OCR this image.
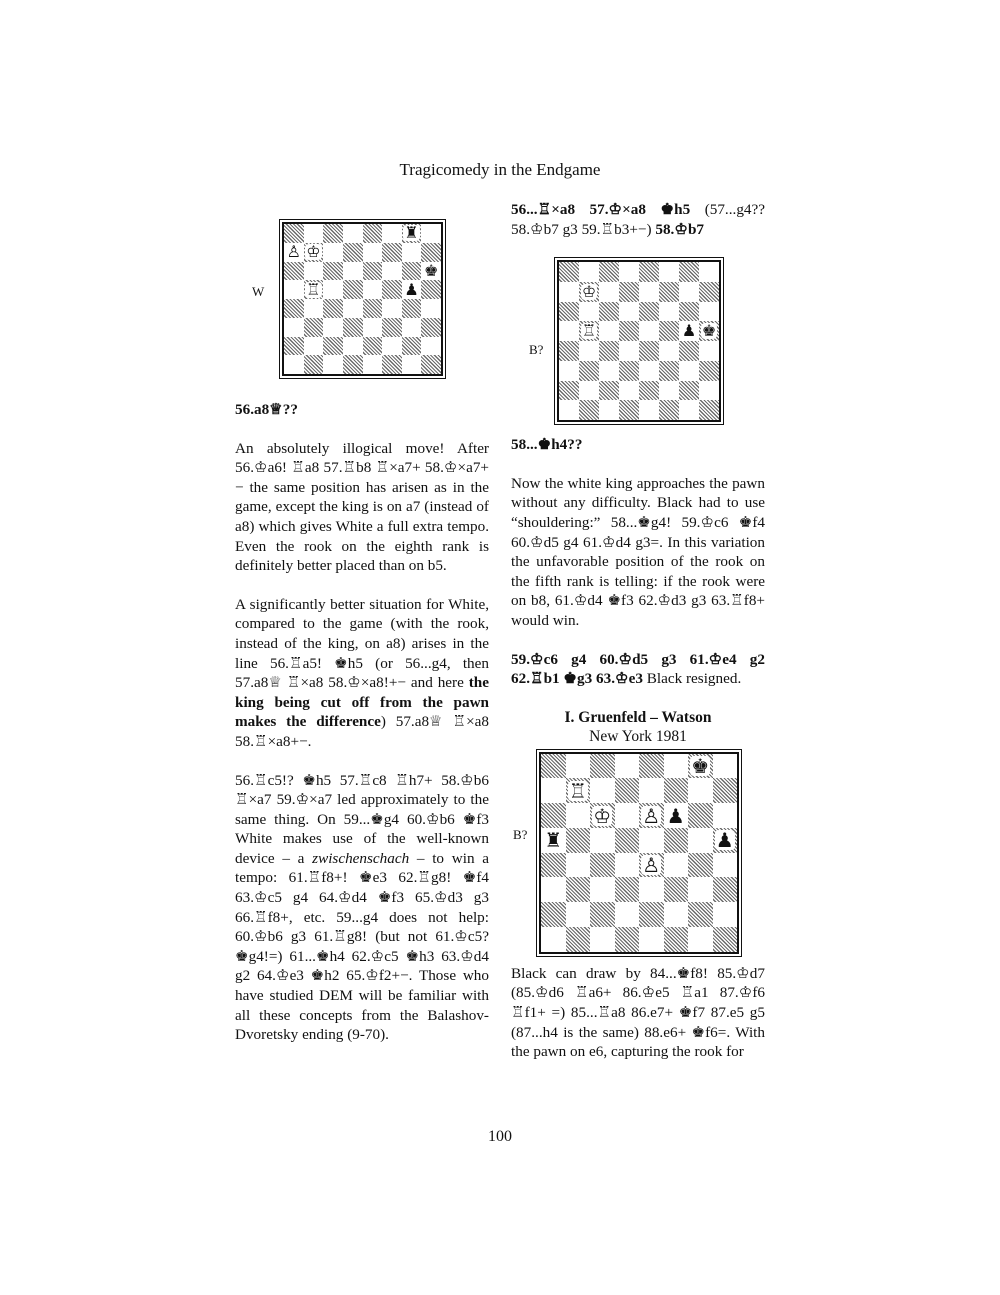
Tragicomedy in the Endgame
W
♜
♙ ♔
♚
♖	♟

56.a8♕??

An absolutely illogical move! After 56.♔a6! ♖a8 57.♖b8 ♖×a7+ 58.♔×a7+− the same position has arisen as in the game, except the king is on a7 (instead of a8) which gives White a full extra tempo. Even the rook on the eighth rank is definitely better placed than on b5.

A significantly better situation for White, compared to the game (with the rook, instead of the king, on a8) arises in the line 56.♖a5! ♚h5 (or 56...g4, then 57.a8♕ ♖×a8 58.♔×a8!+− and here the king being cut off from the pawn makes the difference) 57.a8♕ ♖×a8 58.♖×a8+−.

56.♖c5!? ♚h5 57.♖c8 ♖h7+ 58.♔b6 ♖×a7 59.♔×a7 led approximately to the same thing. On 59...♚g4 60.♔b6 ♚f3 White makes use of the well-known device – a zwischenschach – to win a tempo: 61.♖f8+! ♚e3 62.♖g8! ♚f4 63.♔c5 g4 64.♔d4 ♚f3 65.♔d3 g3 66.♖f8+, etc. 59...g4 does not help: 60.♔b6 g3 61.♖g8! (but not 61.♔c5? ♚g4!=) 61...♚h4 62.♔c5 ♚h3 63.♔d4 g2 64.♔e3 ♚h2 65.♔f2+−. Those who have studied DEM will be familiar with all these concepts from the Balashov-Dvoretsky ending (9-70).

56...♖×a8 57.♔×a8 ♚h5 (57...g4?? 58.♔b7 g3 59.♖b3+−) 58.♔b7

B?
♔
♖	♟ ♚

58...♚h4??

Now the white king approaches the pawn without any difficulty. Black had to use “shouldering:” 58...♚g4! 59.♔c6 ♚f4 60.♔d5 g4 61.♔d4 g3=. In this variation the unfavorable position of the rook on the fifth rank is telling: if the rook were on b8, 61.♔d4 ♚f3 62.♔d3 g3 63.♖f8+ would win.

59.♔c6 g4 60.♔d5 g3 61.♔e4 g2 62.♖b1 ♚g3 63.♔e3 Black resigned.

I. Gruenfeld – Watson
New York 1981
B?
♚
♖
♔ ♙ ♟
♜	♟
♙

Black can draw by 84...♚f8! 85.♔d7 (85.♔d6 ♖a6+ 86.♔e5 ♖a1 87.♔f6 ♖f1+ =) 85...♖a8 86.e7+ ♚f7 87.e5 g5 (87...h4 is the same) 88.e6+ ♚f6=. With the pawn on e6, capturing the rook for

100
